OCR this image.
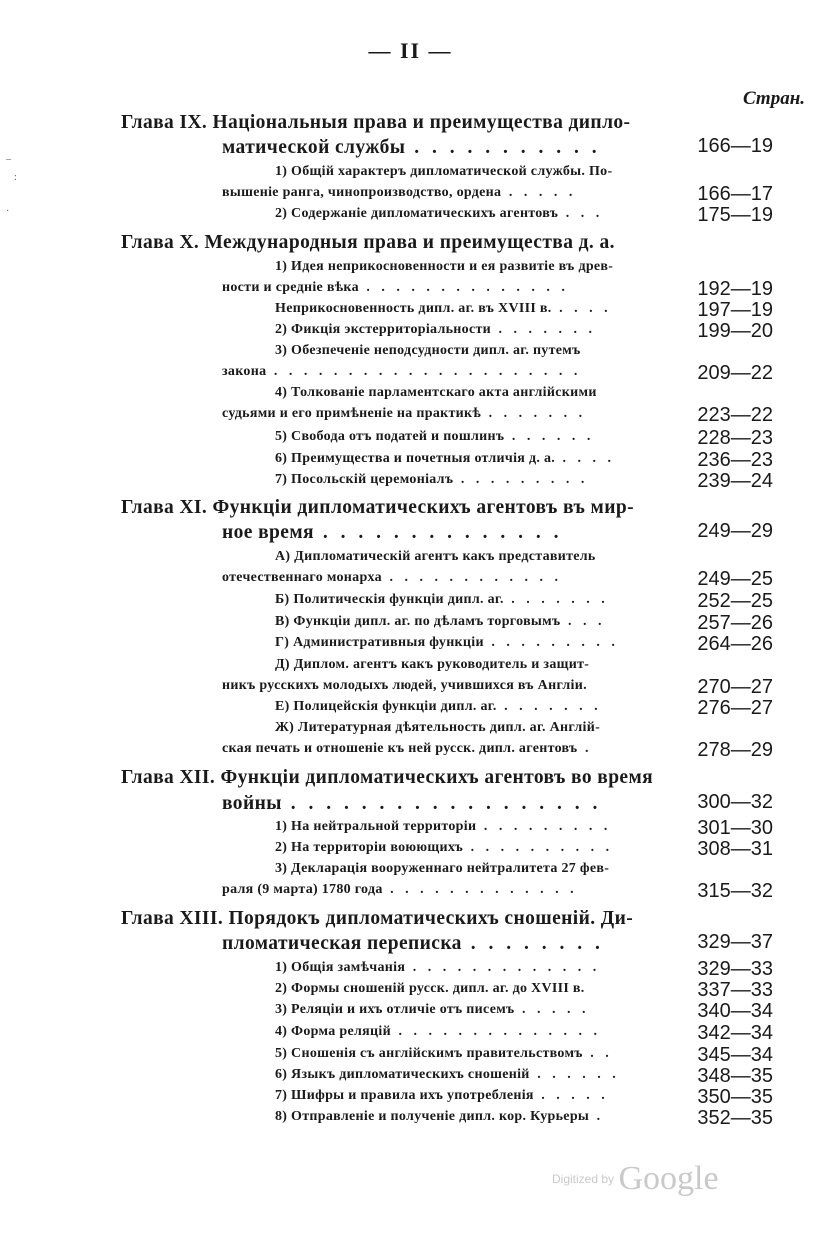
— II —
Стран.
Глава IX. Національныя права и преимущества дипло-
матической службы . . . . . . . . . . .	166—19
1) Общій характеръ дипломатической службы. По-
вышеніе ранга, чинопроизводство, ордена . . . . .	166—17
2) Содержаніе дипломатическихъ агентовъ . . .	175—19
Глава X. Международныя права и преимущества д. а.
1) Идея неприкосновенности и ея развитіе въ древ-
ности и средніе вѣка . . . . . . . . . . . . . .	192—19
Неприкосновенность дипл. аг. въ XVIII в. . . . .	197—19
2) Фикція экстерриторіальности . . . . . . .	199—20
3) Обезпеченіе неподсудности дипл. аг. путемъ
закона . . . . . . . . . . . . . . . . . . . . .	209—22
4) Толкованіе парламентскаго акта англійскими
судьями и его примѣненіе на практикѣ . . . . . . .	223—22
5) Свобода отъ податей и пошлинъ . . . . . .	228—23
6) Преимущества и почетныя отличія д. а. . . . .	236—23
7) Посольскій церемоніалъ . . . . . . . . .	239—24
Глава XI. Функціи дипломатическихъ агентовъ въ мир-
ное время . . . . . . . . . . . . . .	249—29
А) Дипломатическій агентъ какъ представитель
отечественнаго монарха . . . . . . . . . . . .	249—25
Б) Политическія функціи дипл. аг. . . . . . . .	252—25
В) Функціи дипл. аг. по дѣламъ торговымъ . . .	257—26
Г) Административныя функціи . . . . . . . . .	264—26
Д) Диплом. агентъ какъ руководитель и защит-
никъ русскихъ молодыхъ людей, учившихся въ Англіи.	270—27
Е) Полицейскія функціи дипл. аг. . . . . . . .	276—27
Ж) Литературная дѣятельность дипл. аг. Англій-
ская печать и отношеніе къ ней русск. дипл. агентовъ .	278—29
Глава XII. Функціи дипломатическихъ агентовъ во время
войны . . . . . . . . . . . . . . . . . .	300—32
1) На нейтральной территоріи . . . . . . . . .	301—30
2) На территоріи воюющихъ . . . . . . . . . .	308—31
3) Декларація вооруженнаго нейтралитета 27 фев-
раля (9 марта) 1780 года . . . . . . . . . . . . .	315—32
Глава XIII. Порядокъ дипломатическихъ сношеній. Ди-
пломатическая переписка . . . . . . . .	329—37
1) Общія замѣчанія . . . . . . . . . . . . .	329—33
2) Формы сношеній русск. дипл. аг. до XVIII в.	337—33
3) Реляціи и ихъ отличіе отъ писемъ . . . . .	340—34
4) Форма реляцій . . . . . . . . . . . . . .	342—34
5) Сношенія съ англійскимъ правительствомъ . .	345—34
6) Языкъ дипломатическихъ сношеній . . . . . .	348—35
7) Шифры и правила ихъ употребленія . . . . .	350—35
8) Отправленіе и полученіе дипл. кор. Курьеры .	352—35
–
:
·
Digitized by Google
